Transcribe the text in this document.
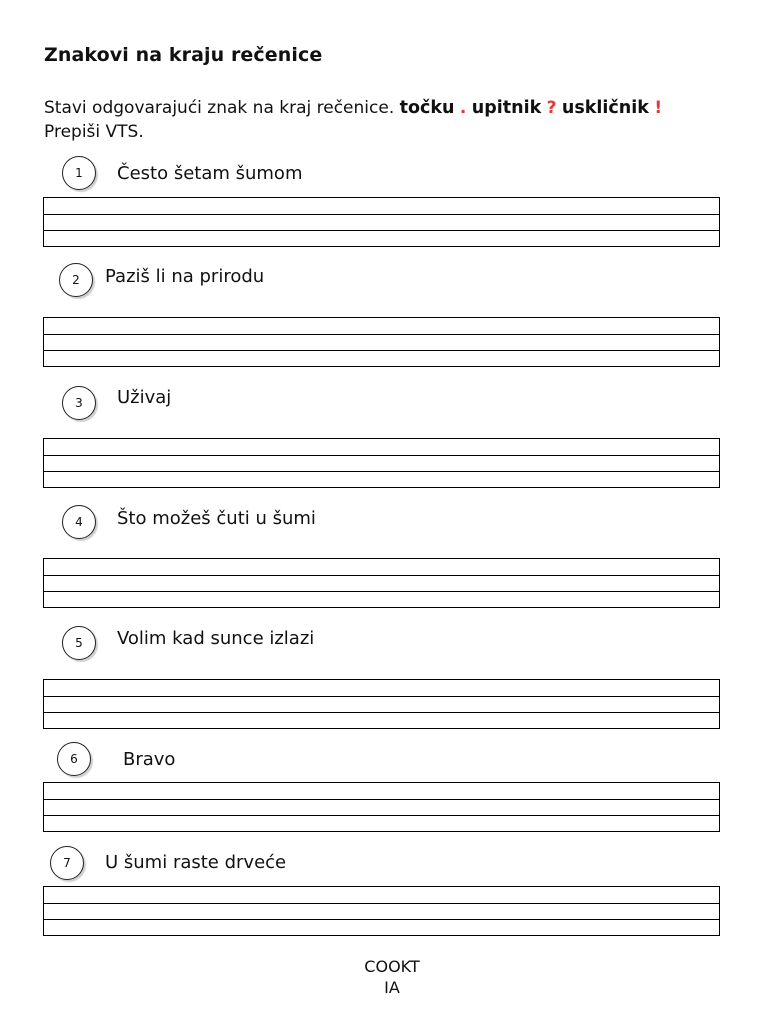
Znakovi na kraju rečenice
Stavi odgovarajući znak na kraj rečenice. točku . upitnik ? uskličnik !
Prepiši VTS.
1	Često šetam šumom
2	Paziš li na prirodu
3	Uživaj
4	Što možeš čuti u šumi
5	Volim kad sunce izlazi
6	Bravo
7	U šumi raste drveće
COOKT
IA
